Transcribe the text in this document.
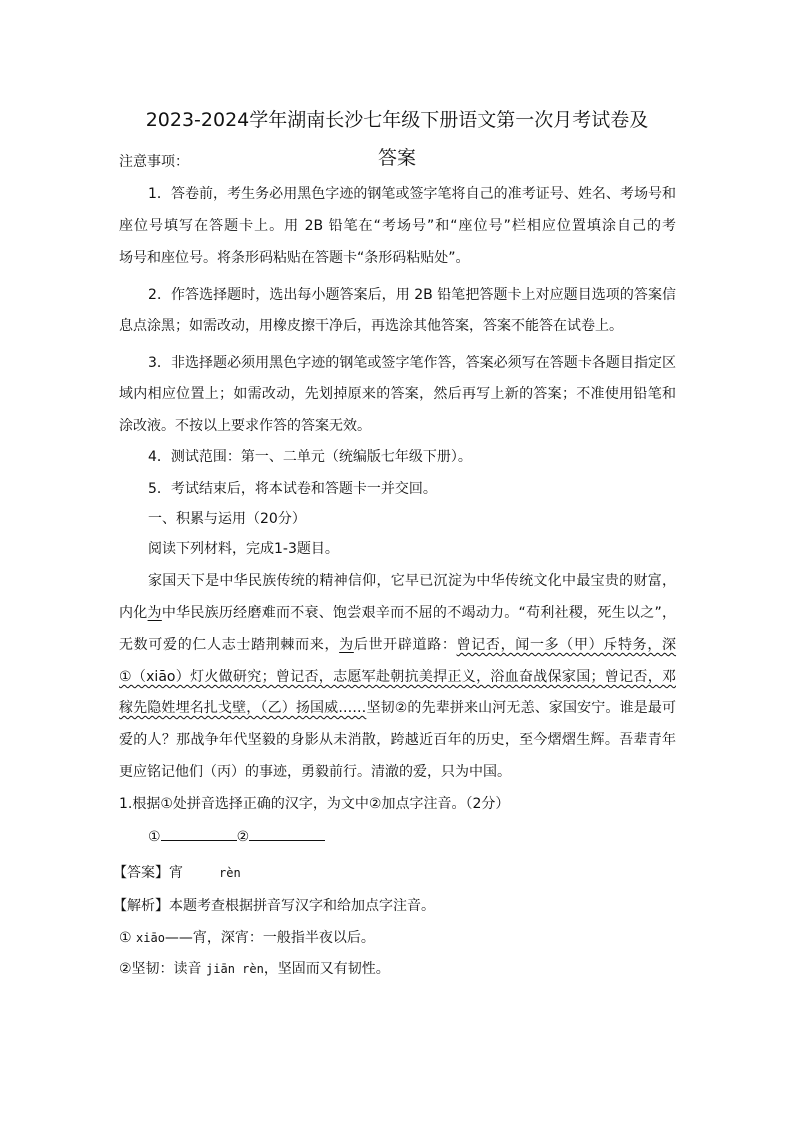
2023-2024学年湖南长沙七年级下册语文第一次月考试卷及
答案
注意事项：
1．答卷前，考生务必用黑色字迹的钢笔或签字笔将自己的准考证号、姓名、考场号和
座位号填写在答题卡上。用 2B 铅笔在“考场号”和“座位号”栏相应位置填涂自己的考
场号和座位号。将条形码粘贴在答题卡“条形码粘贴处”。
2．作答选择题时，选出每小题答案后，用 2B 铅笔把答题卡上对应题目选项的答案信
息点涂黑；如需改动，用橡皮擦干净后，再选涂其他答案，答案不能答在试卷上。
3．非选择题必须用黑色字迹的钢笔或签字笔作答，答案必须写在答题卡各题目指定区
域内相应位置上；如需改动，先划掉原来的答案，然后再写上新的答案；不准使用铅笔和
涂改液。不按以上要求作答的答案无效。
4．测试范围：第一、二单元（统编版七年级下册）。
5．考试结束后，将本试卷和答题卡一并交回。
一、积累与运用（20分）
阅读下列材料，完成1-3题目。
家国天下是中华民族传统的精神信仰，它早已沉淀为中华传统文化中最宝贵的财富，
内化为中华民族历经磨难而不衰、饱尝艰辛而不屈的不竭动力。“苟利社稷，死生以之”，
无数可爱的仁人志士踏荆棘而来，为后世开辟道路：曾记否，闻一多（甲）斥特务，深
①（xiāo）灯火做研究；曾记否，志愿军赴朝抗美捍正义，浴血奋战保家国；曾记否，邓
稼先隐姓埋名扎戈壁，（乙）扬国威……坚韧②的先辈拼来山河无恙、家国安宁。谁是最可
爱的人？那战争年代坚毅的身影从未消散，跨越近百年的历史，至今熠熠生辉。吾辈青年
更应铭记他们（丙）的事迹，勇毅前行。清澈的爱，只为中国。
1.根据①处拼音选择正确的汉字，为文中②加点字注音。（2分）
①	②
【答案】宵	rèn
【解析】本题考查根据拼音写汉字和给加点字注音。
① xiāo——宵，深宵：一般指半夜以后。
②坚韧：读音 jiān rèn，坚固而又有韧性。
